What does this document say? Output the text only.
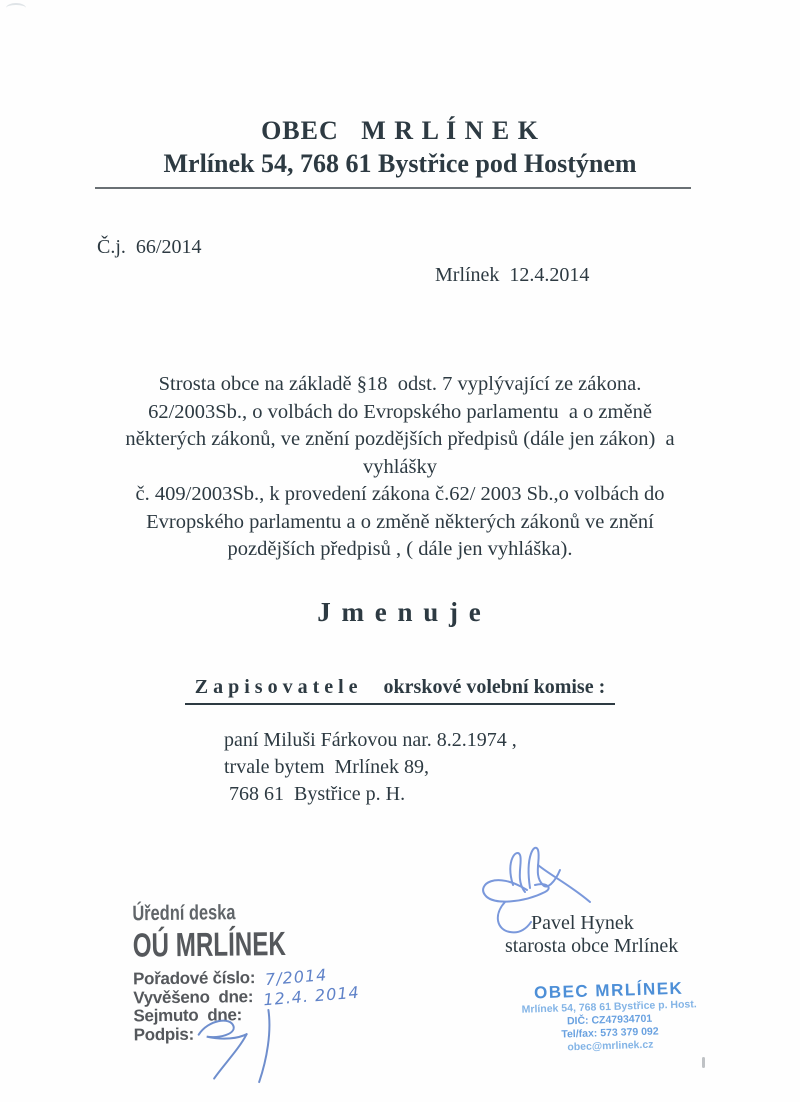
OBEC   M R L Í N E K
Mrlínek 54, 768 61 Bystřice pod Hostýnem
Č.j.  66/2014
Mrlínek  12.4.2014
Strosta obce na základě §18  odst. 7 vyplývající ze zákona.
62/2003Sb., o volbách do Evropského parlamentu  a o změně
některých zákonů, ve znění pozdějších předpisů (dále jen zákon)  a
vyhlášky
č. 409/2003Sb., k provedení zákona č.62/ 2003 Sb.,o volbách do
Evropského parlamentu a o změně některých zákonů ve znění
pozdějších předpisů , ( dále jen vyhláška).
J m e n u j e
Z a p i s o v a t e l e okrskové volební komise :
paní Miluši Fárkovou nar. 8.2.1974 ,
trvale bytem  Mrlínek 89,
768 61  Bystřice p. H.
Pavel Hynek
starosta obce Mrlínek
Úřední deska
OÚ MRLÍNEK
Pořadové číslo: 7/2014
Vyvěšeno  dne: 12.4. 2014
Sejmuto  dne:
Podpis:
OBEC MRLÍNEK
Mrlínek 54, 768 61 Bystřice p. Host.
DIČ: CZ47934701
Tel/fax: 573 379 092
obec@mrlinek.cz
